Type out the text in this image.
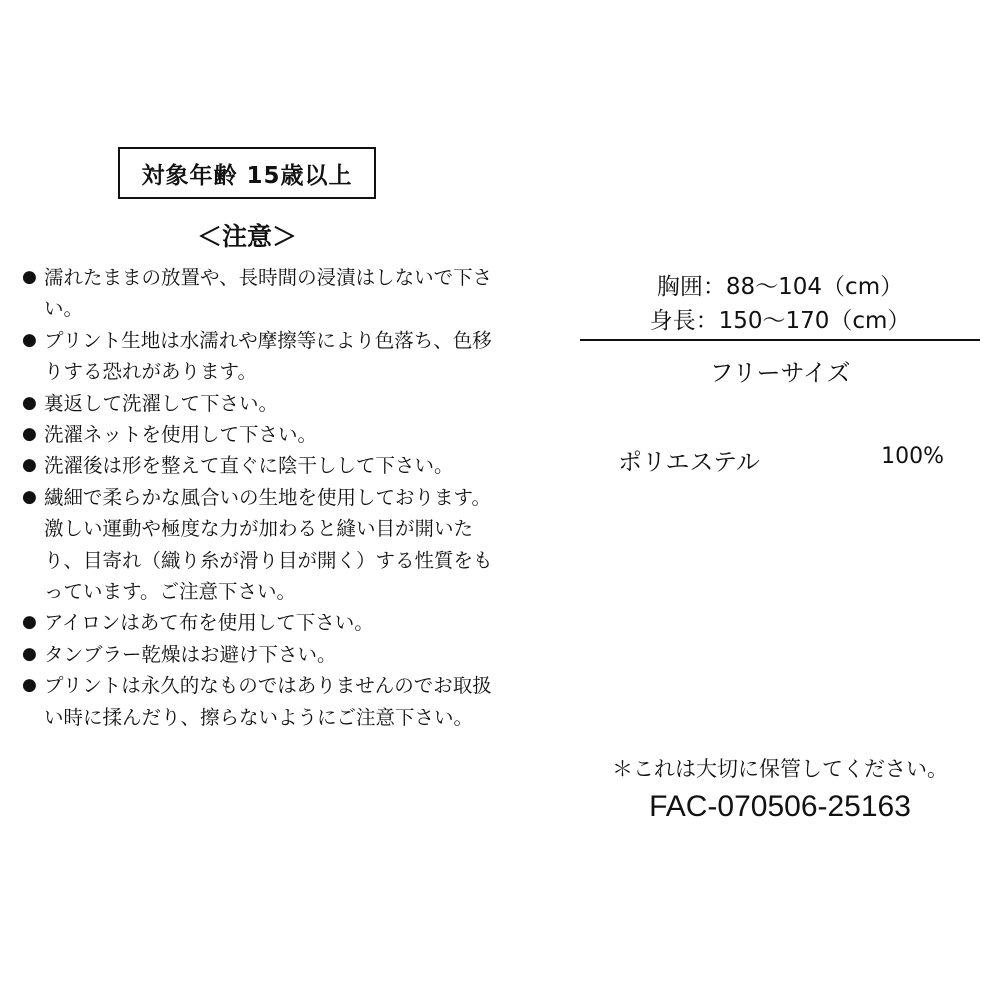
対象年齢 15歳以上
＜注意＞
● 濡れたままの放置や、長時間の浸漬はしないで下さい。
● プリント生地は水濡れや摩擦等により色落ち、色移りする恐れがあります。
● 裏返して洗濯して下さい。
● 洗濯ネットを使用して下さい。
● 洗濯後は形を整えて直ぐに陰干しして下さい。
● 繊細で柔らかな風合いの生地を使用しております。激しい運動や極度な力が加わると縫い目が開いたり、目寄れ（織り糸が滑り目が開く）する性質をもっています。ご注意下さい。
● アイロンはあて布を使用して下さい。
● タンブラー乾燥はお避け下さい。
● プリントは永久的なものではありませんのでお取扱い時に揉んだり、擦らないようにご注意下さい。
胸囲：88〜104（cm）
身長：150〜170（cm）
フリーサイズ
ポリエステル	100%
＊これは大切に保管してください。
FAC-070506-25163
